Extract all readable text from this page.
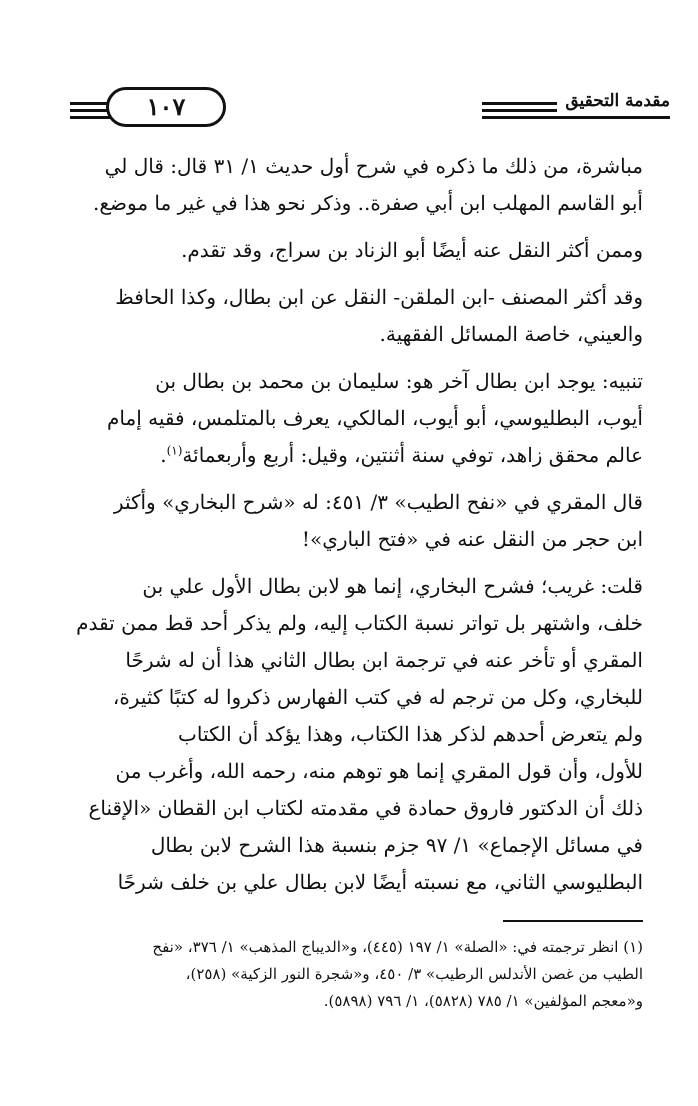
مقدمة التحقيق
١٠٧

مباشرة، من ذلك ما ذكره في شرح أول حديث ١/ ٣١ قال: قال لي
أبو القاسم المهلب ابن أبي صفرة.. وذكر نحو هذا في غير ما موضع.

وممن أكثر النقل عنه أيضًا أبو الزناد بن سراج، وقد تقدم.

وقد أكثر المصنف -ابن الملقن- النقل عن ابن بطال، وكذا الحافظ
والعيني، خاصة المسائل الفقهية.

تنبيه: يوجد ابن بطال آخر هو: سليمان بن محمد بن بطال بن
أيوب، البطليوسي، أبو أيوب، المالكي، يعرف بالمتلمس، فقيه إمام
عالم محقق زاهد، توفي سنة أثنتين، وقيل: أربع وأربعمائة$^{(١)}$.

قال المقري في «نفح الطيب» ٣/ ٤٥١: له «شرح البخاري» وأكثر
ابن حجر من النقل عنه في «فتح الباري»!

قلت: غريب؛ فشرح البخاري، إنما هو لابن بطال الأول علي بن
خلف، واشتهر بل تواتر نسبة الكتاب إليه، ولم يذكر أحد قط ممن تقدم
المقري أو تأخر عنه في ترجمة ابن بطال الثاني هذا أن له شرحًا
للبخاري، وكل من ترجم له في كتب الفهارس ذكروا له كتبًا كثيرة،
ولم يتعرض أحدهم لذكر هذا الكتاب، وهذا يؤكد أن الكتاب
للأول، وأن قول المقري إنما هو توهم منه، رحمه الله، وأغرب من
ذلك أن الدكتور فاروق حمادة في مقدمته لكتاب ابن القطان «الإقناع
في مسائل الإجماع» ١/ ٩٧ جزم بنسبة هذا الشرح لابن بطال
البطليوسي الثاني، مع نسبته أيضًا لابن بطال علي بن خلف شرحًا

(١) انظر ترجمته في: «الصلة» ١/ ١٩٧ (٤٤٥)، و«الديباج المذهب» ١/ ٣٧٦، «نفح
الطيب من غصن الأندلس الرطيب» ٣/ ٤٥٠، و«شجرة النور الزكية» (٢٥٨)،
و«معجم المؤلفين» ١/ ٧٨٥ (٥٨٢٨)، ١/ ٧٩٦ (٥٨٩٨).
